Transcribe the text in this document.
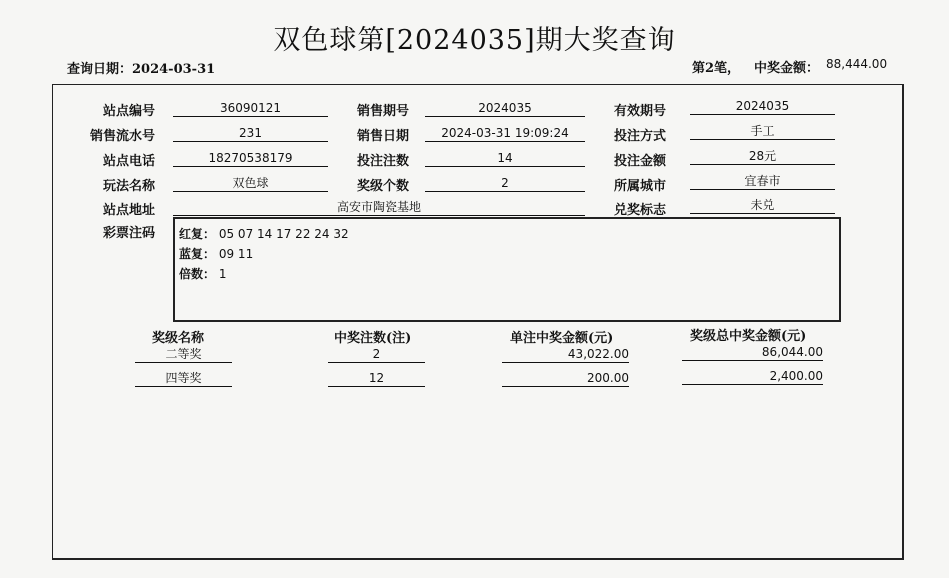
双色球第[2024035]期大奖查询
查询日期：2024-03-31	第2笔， 中奖金额： 88,444.00
站点编号	36090121	销售期号	2024035	有效期号	2024035
销售流水号	231	销售日期	2024-03-31 19:09:24	投注方式	手工
站点电话	18270538179	投注注数	14	投注金额	28元
玩法名称	双色球	奖级个数	2	所属城市	宜春市
站点地址	高安市陶瓷基地	兑奖标志	未兑
彩票注码 红复： 05 07 14 17 22 24 32
蓝复： 09 11
倍数： 1
奖级名称	中奖注数(注)	单注中奖金额(元)	奖级总中奖金额(元)
二等奖	2	43,022.00	86,044.00
四等奖	12	200.00	2,400.00
